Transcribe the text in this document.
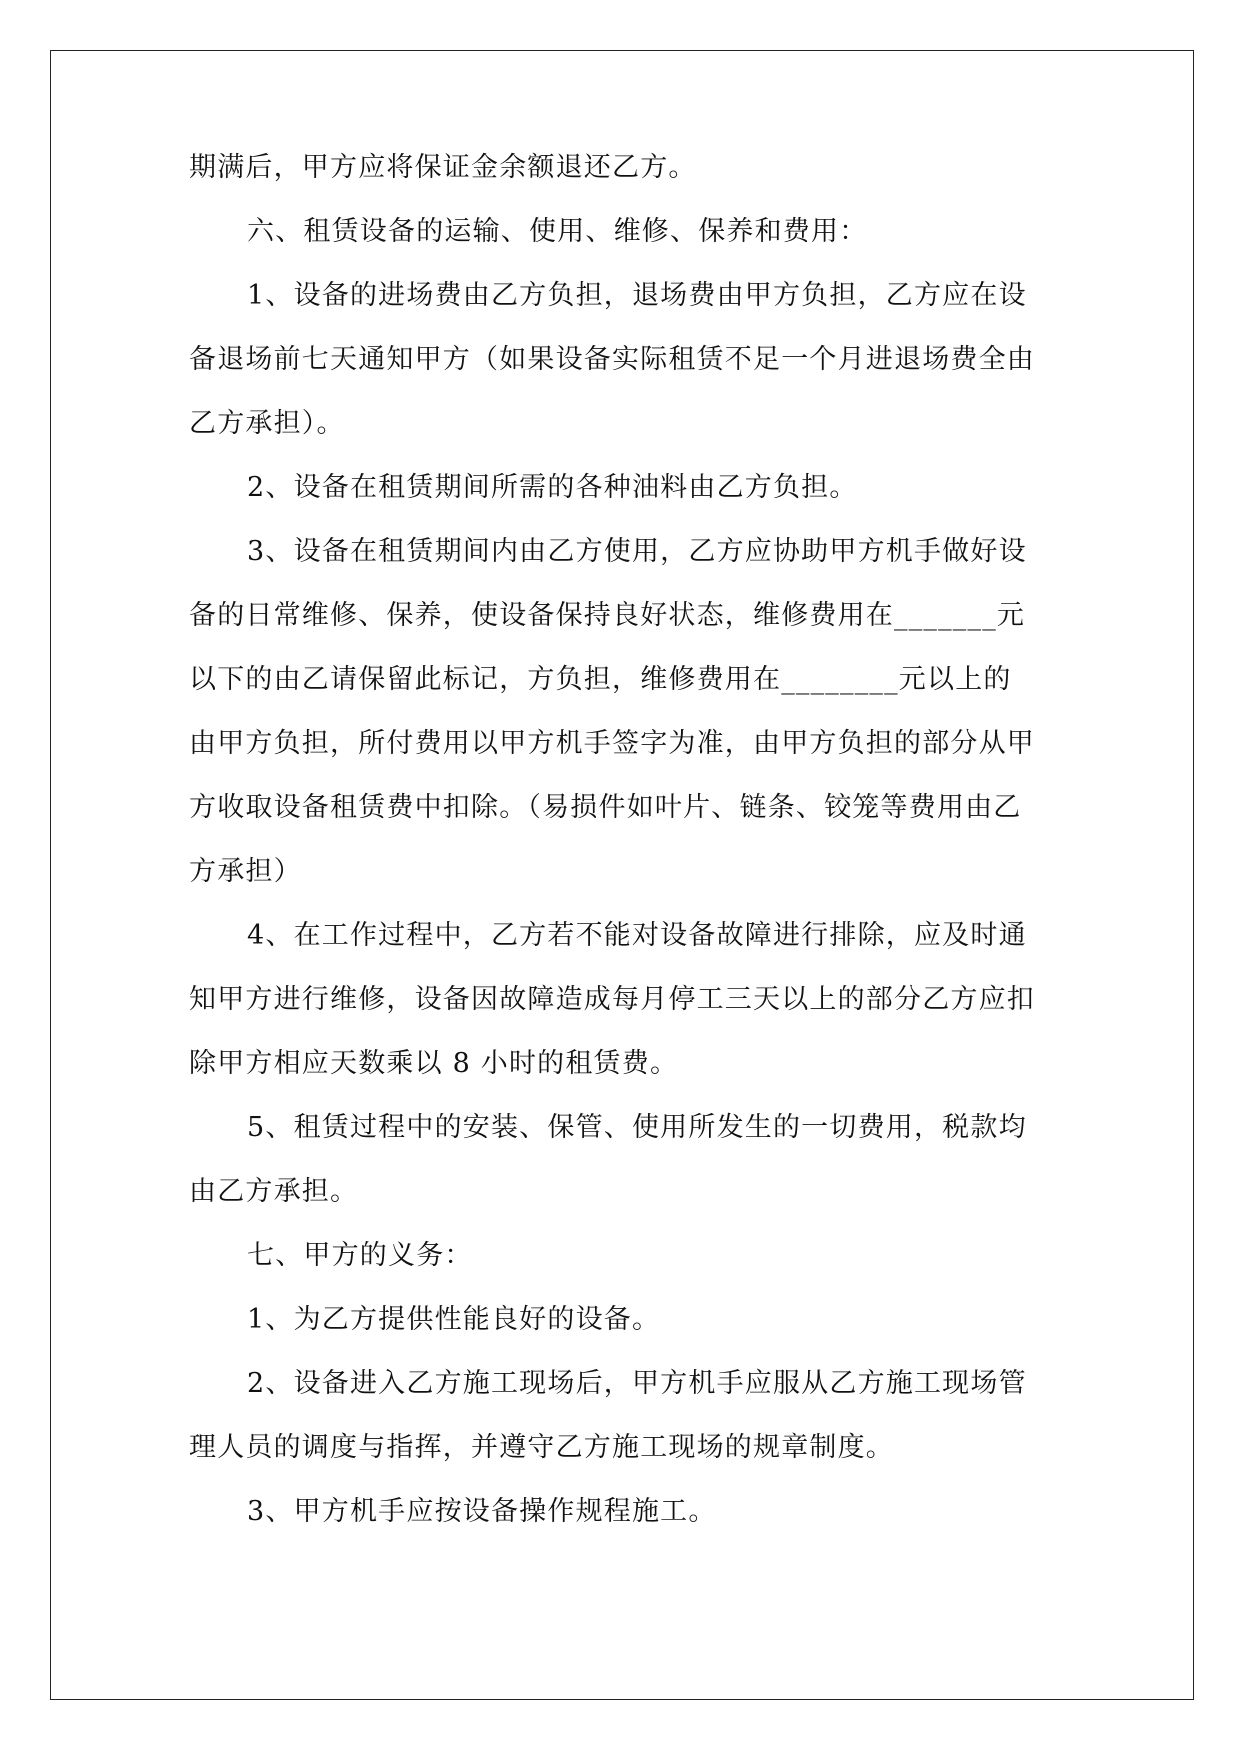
期满后，甲方应将保证金余额退还乙方。
六、租赁设备的运输、使用、维修、保养和费用：
1、设备的进场费由乙方负担，退场费由甲方负担，乙方应在设
备退场前七天通知甲方（如果设备实际租赁不足一个月进退场费全由
乙方承担）。
2、设备在租赁期间所需的各种油料由乙方负担。
3、设备在租赁期间内由乙方使用，乙方应协助甲方机手做好设
备的日常维修、保养，使设备保持良好状态，维修费用在_______元
以下的由乙请保留此标记，方负担，维修费用在________元以上的
由甲方负担，所付费用以甲方机手签字为准，由甲方负担的部分从甲
方收取设备租赁费中扣除。（易损件如叶片、链条、铰笼等费用由乙
方承担）
4、在工作过程中，乙方若不能对设备故障进行排除，应及时通
知甲方进行维修，设备因故障造成每月停工三天以上的部分乙方应扣
除甲方相应天数乘以 8 小时的租赁费。
5、租赁过程中的安装、保管、使用所发生的一切费用，税款均
由乙方承担。
七、甲方的义务：
1、为乙方提供性能良好的设备。
2、设备进入乙方施工现场后，甲方机手应服从乙方施工现场管
理人员的调度与指挥，并遵守乙方施工现场的规章制度。
3、甲方机手应按设备操作规程施工。
